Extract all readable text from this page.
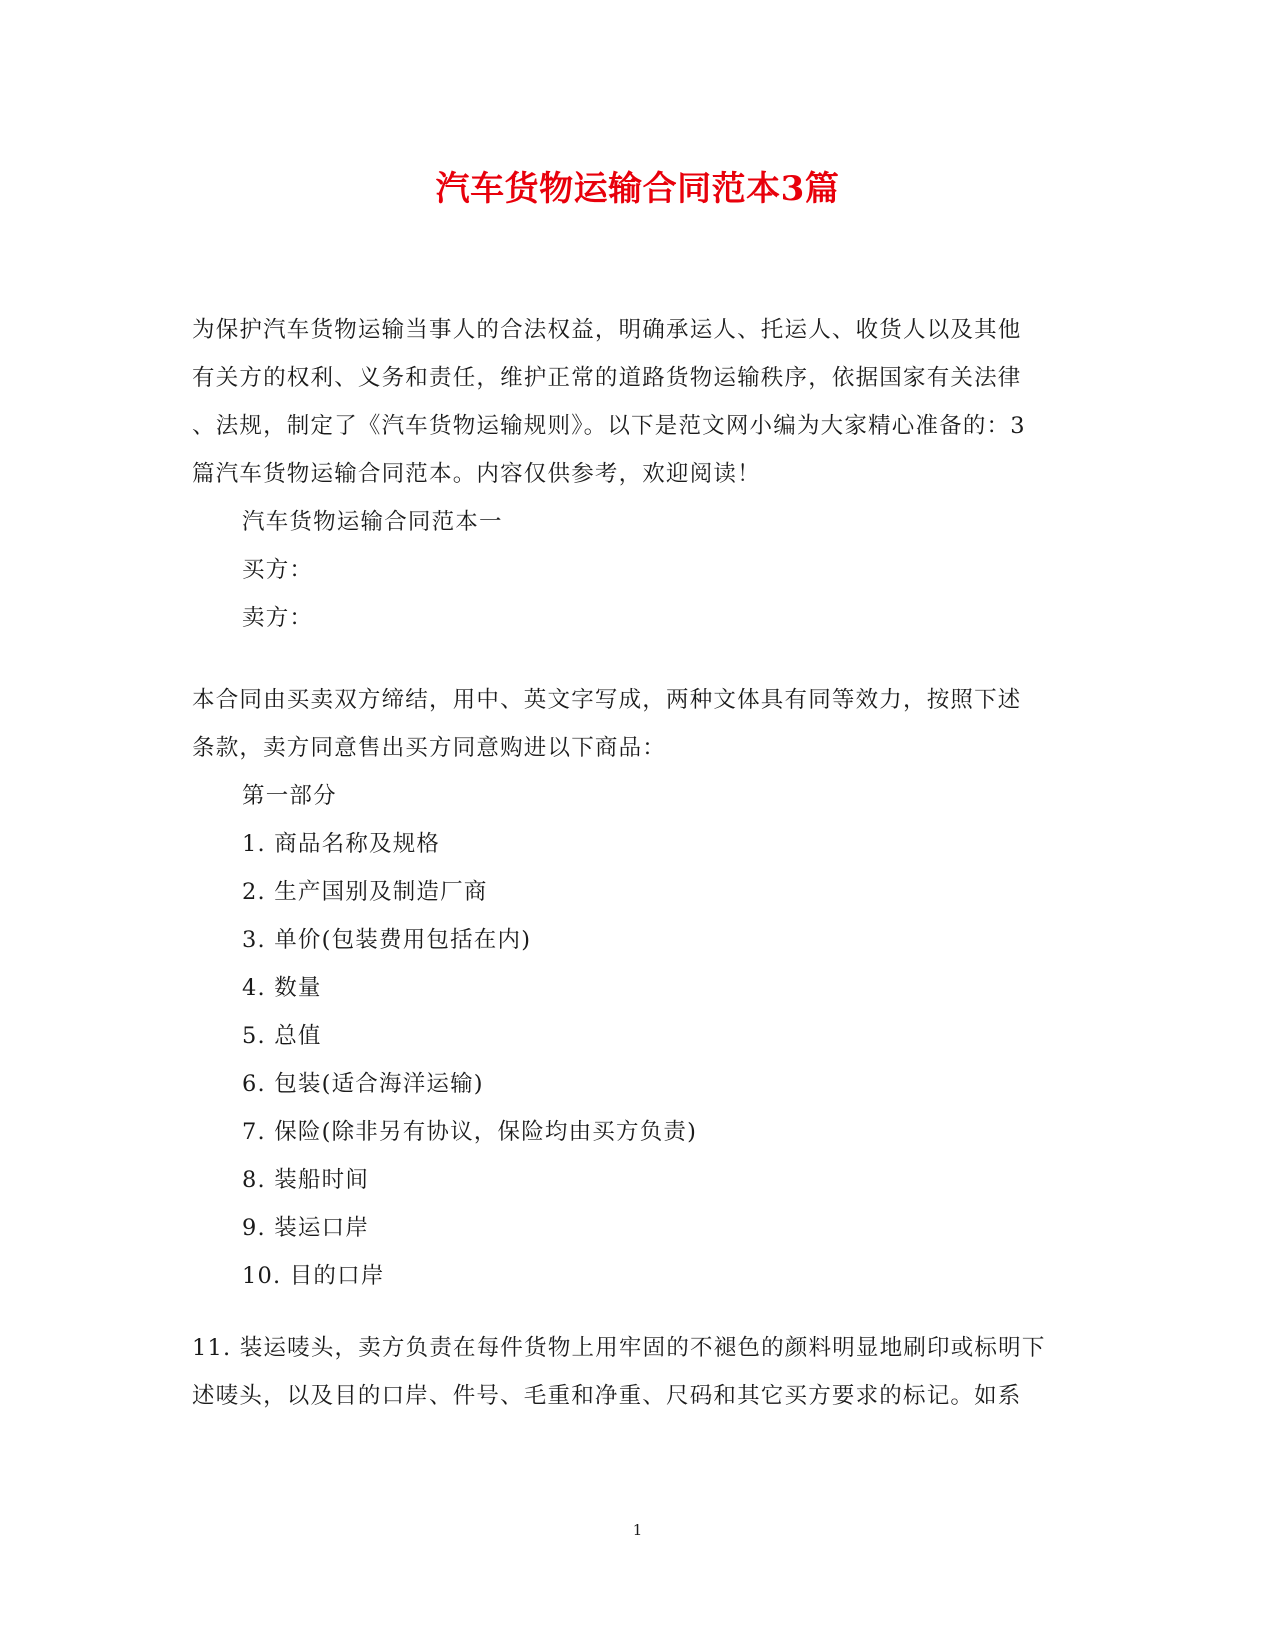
汽车货物运输合同范本3篇
为保护汽车货物运输当事人的合法权益，明确承运人、托运人、收货人以及其他
有关方的权利、义务和责任，维护正常的道路货物运输秩序，依据国家有关法律
、法规，制定了《汽车货物运输规则》。以下是范文网小编为大家精心准备的：3
篇汽车货物运输合同范本。内容仅供参考，欢迎阅读！
汽车货物运输合同范本一
买方：
卖方：
本合同由买卖双方缔结，用中、英文字写成，两种文体具有同等效力，按照下述
条款，卖方同意售出买方同意购进以下商品：
第一部分
1. 商品名称及规格
2. 生产国别及制造厂商
3. 单价(包装费用包括在内)
4. 数量
5. 总值
6. 包装(适合海洋运输)
7. 保险(除非另有协议，保险均由买方负责)
8. 装船时间
9. 装运口岸
10. 目的口岸
11. 装运唛头，卖方负责在每件货物上用牢固的不褪色的颜料明显地刷印或标明下
述唛头，以及目的口岸、件号、毛重和净重、尺码和其它买方要求的标记。如系
1
